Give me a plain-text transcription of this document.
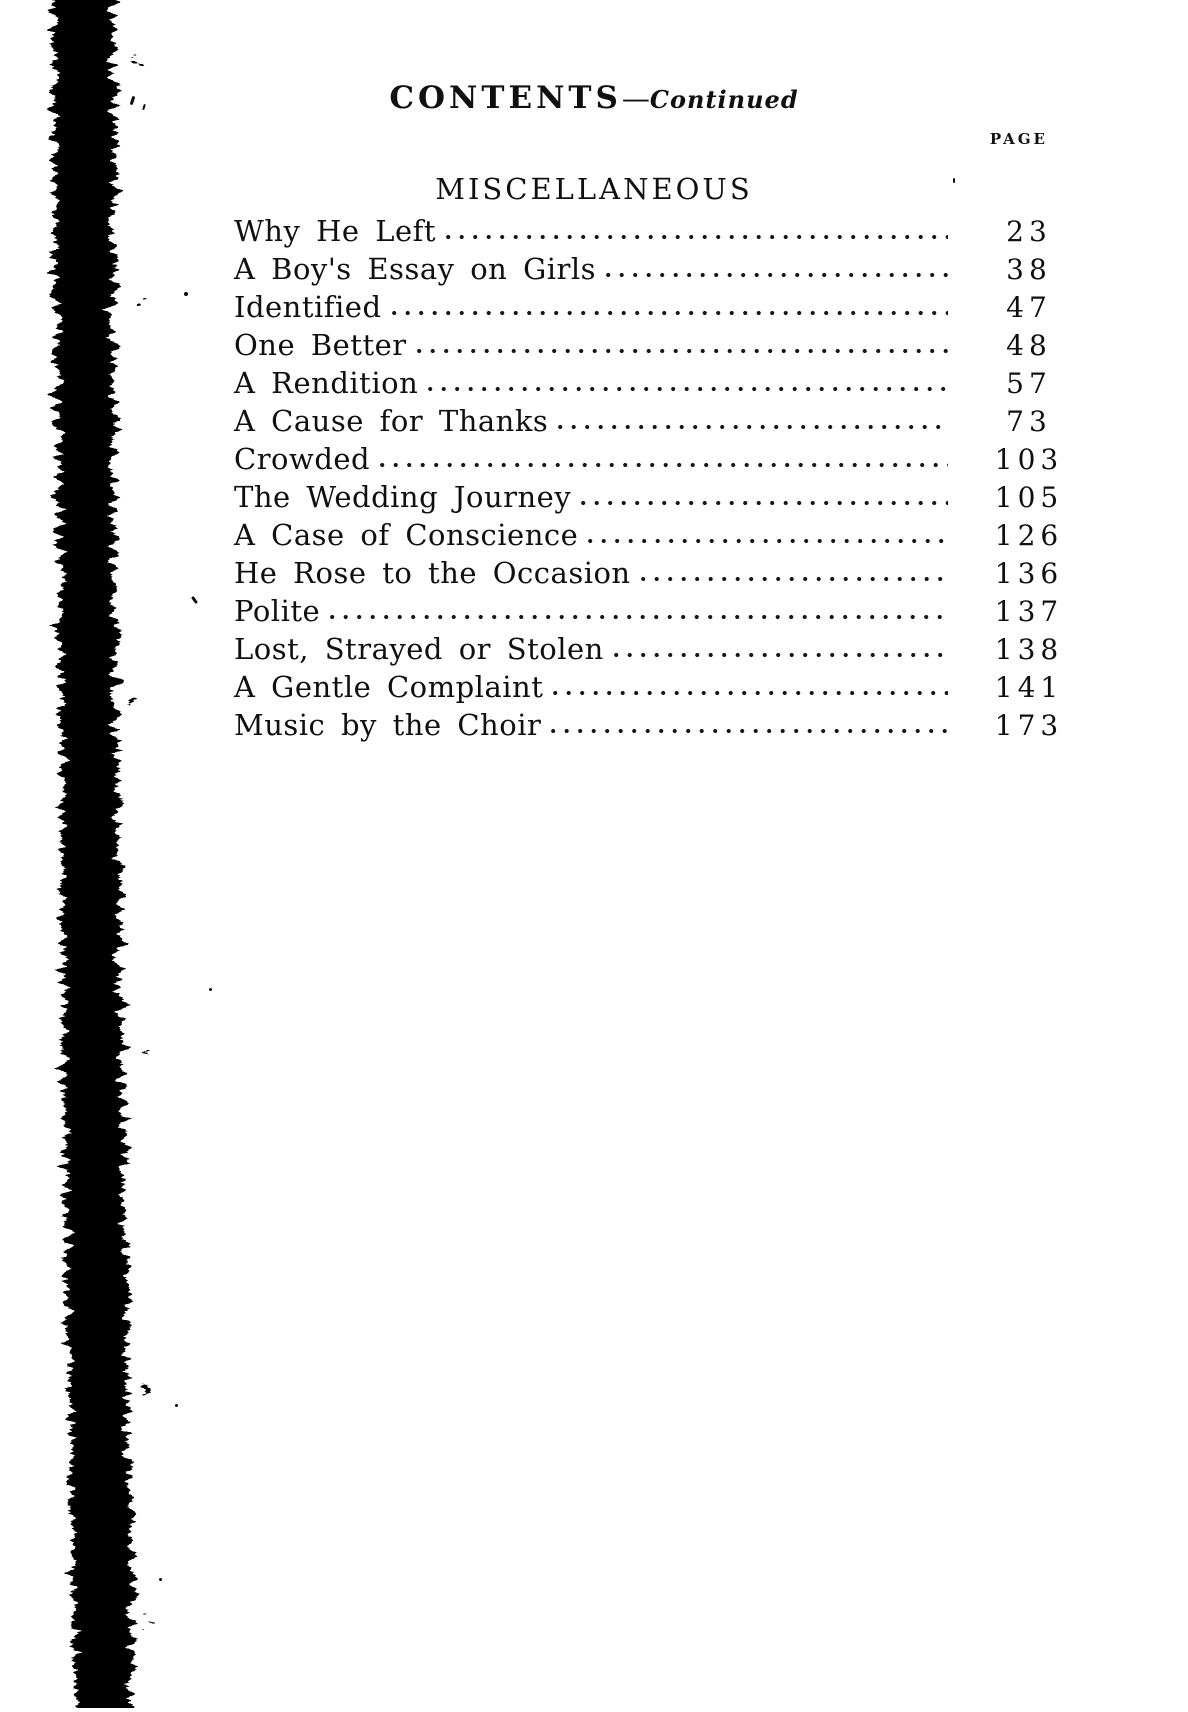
CONTENTS—Continued
PAGE
MISCELLANEOUS
Why He Left	23
A Boy's Essay on Girls	38
Identified	47
One Better	48
A Rendition	57
A Cause for Thanks	73
Crowded	103
The Wedding Journey	105
A Case of Conscience	126
He Rose to the Occasion	136
Polite	137
Lost, Strayed or Stolen	138
A Gentle Complaint	141
Music by the Choir	173
